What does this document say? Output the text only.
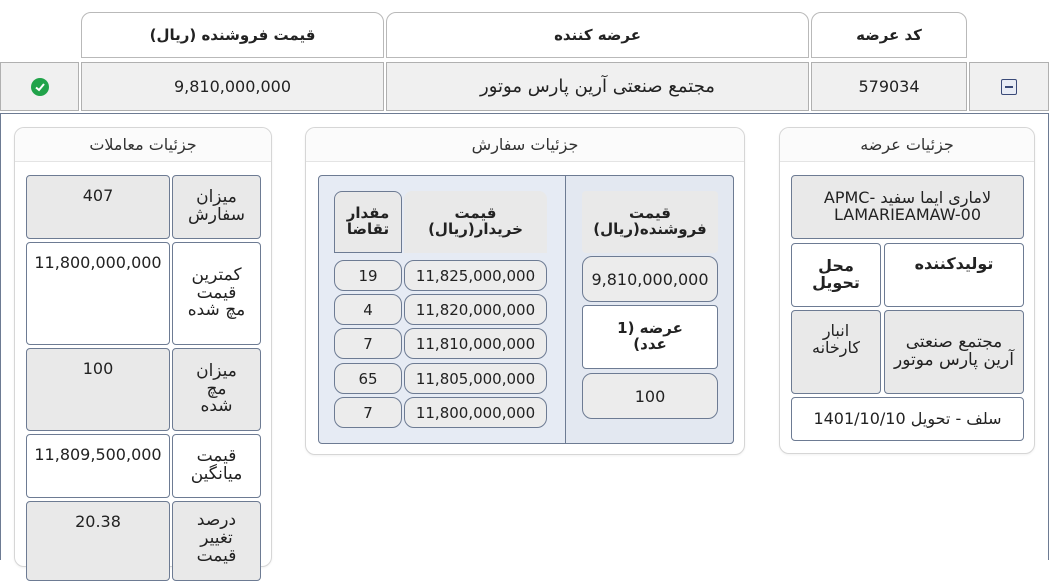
کد عرضه
عرضه کننده
قیمت فروشنده (ریال)
579034
مجتمع صنعتی آرین پارس موتور
9,810,000,000
جزئیات عرضه
لاماری ایما سفید -APMC LAMARIEAMAW-00
تولیدکننده
محل تحویل
مجتمع صنعتی آرین پارس موتور
انبار کارخانه
سلف - تحویل 1401/10/10
جزئیات سفارش
قیمت فروشنده(ریال)
9,810,000,000
عرضه (1 عدد)
100
قیمت خریدار(ریال)
مقدار تقاضا
11,825,000,000
19
11,820,000,000
4
11,810,000,000
7
11,805,000,000
65
11,800,000,000
7
جزئیات معاملات
میزان سفارش
407
کمترین قیمت مچ شده
11,800,000,000
میزان مچ شده
100
قیمت میانگین
11,809,500,000
درصد تغییر قیمت
20.38
